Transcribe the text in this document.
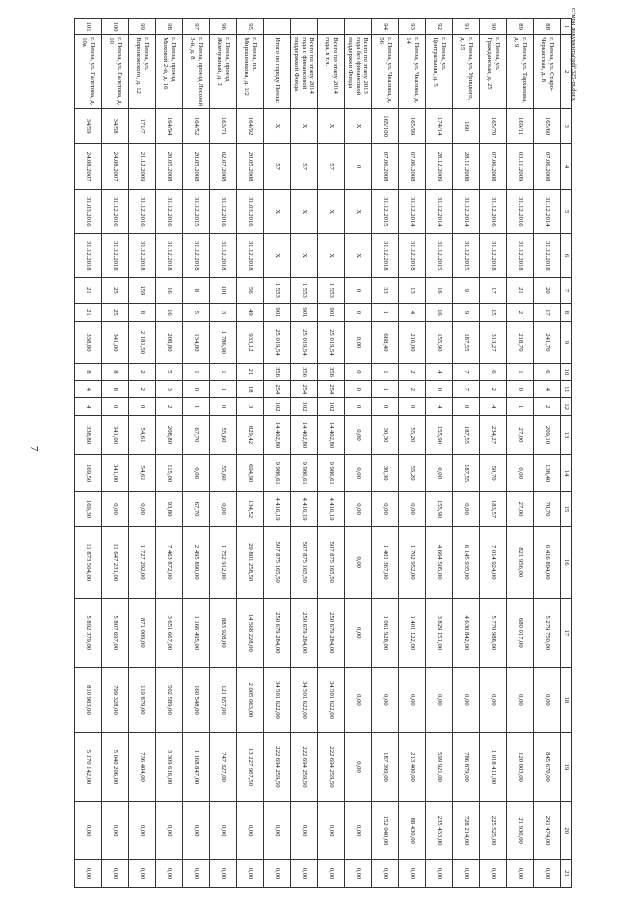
7
c:\мои документы\pdf\325-m.docx
1	2	3	4	5	6	7	8	9	10	11	12	13	14	15	16	17	18	19	20	21
88	г. Пенза, ул. Старо-Черкасская, д. 8	165/60	07.06.2008	31.12.2014	31.12.2018	20	17	241,70	6	4	2	209,10	138,40	70,70	6 416 894,00	5 279 750,00	0,00	845 670,00	291 474,00	0,00
89	г. Пенза, ул. Тарханова, д. 9	169/11	03.11.2009	31.12.2016	31.12.2018	21	2	218,70	1	0	1	27,00	0,00	27,00	821 956,00	680 017,00	0,00	120 003,00	21 936,00	0,00
90	г. Пенза, ул. Гражданская, д. 25	165/70	07.06.2008	31.12.2016	31.12.2018	17	15	313,27	6	2	4	234,27	50,70	183,57	7 014 924,00	5 770 988,00	0,00	1 018 411,00	225 525,00	0,00
91	г. Пенза, ул. Урицкого, д. 15	160	28.11.2008	31.12.2014	31.12.2015	9	9	187,55	7	7	0	187,55	187,55	0,00	6 145 935,00	4 630 842,00	0,00	786 879,00	728 214,00	0,00
92	г. Пенза, ул. Центральная, д. 5	174/14	28.12.2009	31.12.2014	31.12.2015	16	16	155,90	4	0	4	155,90	0,00	155,90	4 664 505,00	3 829 151,00	0,00	599 921,00	235 433,00	0,00
93	г. Пенза, ул. Чкалова, д. 14	165/99	07.06.2008	31.12.2014	31.12.2018	13	4	216,00	2	2	0	55,20	55,20	0,00	1 702 952,00	1 401 122,00	0,00	213 400,00	88 430,00	0,00
94	г. Пенза, ул. Чкалова, д. 56	165/100	07.06.2008	31.12.2015	31.12.2018	33	1	668,40	1	1	0	30,30	30,30	0,00	1 401 367,00	1 061 928,00	0,00	187 399,00	152 040,00	0,00
	Всего по этапу 2013 года без финансовой поддержки Фонда	X	0	X	X	0	0	0,00	0	0	0	0,00	0,00	0,00	0,00	0,00	0,00	0,00	0,00	0,00
	Всего по этапу 2014 года, в т.ч.	X	57	X	X	1 553	901	25 019,54	356	254	102	14 402,80	9 986,61	4 416,19	507 875 165,50	250 679 284,00	34 501 622,00	222 694 259,50	0,00	0,00
	Всего по этапу 2014 года с финансовой поддержкой Фонда	X	57	X	X	1 553	901	25 019,54	356	254	102	14 402,80	9 986,61	4 416,19	507 875 165,50	250 679 284,00	34 501 622,00	222 694 259,50	0,00	0,00
	Итого по городу Пенза:	X	57	X	X	1 553	901	25 019,54	356	254	102	14 402,80	9 986,61	4 416,19	507 875 165,50	250 679 284,00	34 501 622,00	222 694 259,50	0,00	0,00
95	г. Пенза, пл. Мирошникова, д. 1/2	164/92	20.05.2008	31.03.2016	31.12.2018	56	49	933,12	21	18	3	829,42	694,90	134,52	29 801 258,50	14 568 228,00	2 005 063,00	13 227 967,50	0,00	0,00
96	г. Пенза, проезд Жемчужный, д. 3	163/71	02.07.2008	31.12.2016	31.12.2018	101	3	1 786,90	1	1	0	55,60	55,60	0,00	1 752 912,00	883 928,00	121 657,00	747 327,00	0,00	0,00
97	г. Пенза, проезд Лесозей 3-й, д. 8	164/52	20.05.2008	31.12.2015	31.12.2018	8	5	134,80	1	0	1	67,70	0,00	67,70	2 495 890,00	1 166 495,00	160 548,00	1 168 847,00	0,00	0,00
98	г. Пенза, проезд Моховой 2-й, д. 16	164/94	20.05.2008	31.12.2016	31.12.2018	16	16	208,80	5	3	2	208,80	115,00	93,80	7 463 872,00	3 651 667,00	502 589,00	3 309 616,00	0,00	0,00
99	г. Пенза, ул. Воронежского, д. 12	171/7	21.12.2009	31.12.2016	31.12.2018	159	8	2 181,50	2	2	0	54,61	54,61	0,00	1 727 292,00	871 009,00	119 879,00	736 404,00	0,00	0,00
100	г. Пенза, ул. Галетова, д. 10	34/58	24.08.2007	31.12.2016	31.12.2018	25	25	341,00	8	8	0	341,00	341,00	0,00	11 647 231,00	5 807 697,00	799 328,00	5 040 206,00	0,00	0,00
101	г. Пенза, ул. Галетова, д. 10а	34/59	24.08.2007	31.03.2016	31.12.2018	21	21	338,80	8	4	4	338,80	169,50	169,30	11 873 504,00	5 892 379,00	810 983,00	5 170 142,00	0,00	0,00
